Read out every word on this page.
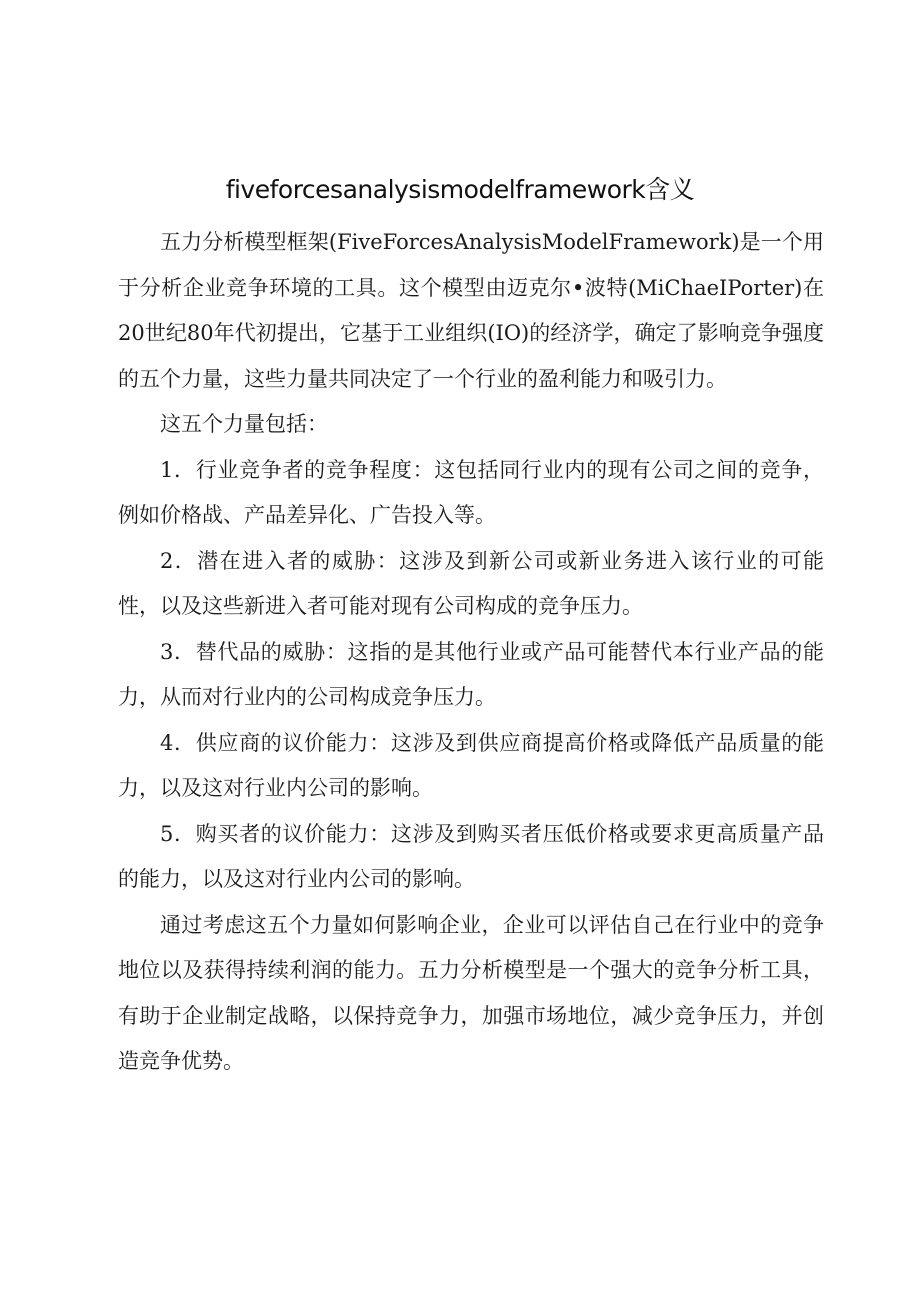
fiveforcesanalysismodelframework含义

五力分析模型框架(FiveForcesAnalysisModelFramework)是一个用于分析企业竞争环境的工具。这个模型由迈克尔•波特(MiChaeIPorter)在20世纪80年代初提出，它基于工业组织(IO)的经济学，确定了影响竞争强度的五个力量，这些力量共同决定了一个行业的盈利能力和吸引力。

这五个力量包括：

1．行业竞争者的竞争程度：这包括同行业内的现有公司之间的竞争，例如价格战、产品差异化、广告投入等。

2．潜在进入者的威胁：这涉及到新公司或新业务进入该行业的可能性，以及这些新进入者可能对现有公司构成的竞争压力。

3．替代品的威胁：这指的是其他行业或产品可能替代本行业产品的能力，从而对行业内的公司构成竞争压力。

4．供应商的议价能力：这涉及到供应商提高价格或降低产品质量的能力，以及这对行业内公司的影响。

5．购买者的议价能力：这涉及到购买者压低价格或要求更高质量产品的能力，以及这对行业内公司的影响。

通过考虑这五个力量如何影响企业，企业可以评估自己在行业中的竞争地位以及获得持续利润的能力。五力分析模型是一个强大的竞争分析工具，有助于企业制定战略，以保持竞争力，加强市场地位，减少竞争压力，并创造竞争优势。
